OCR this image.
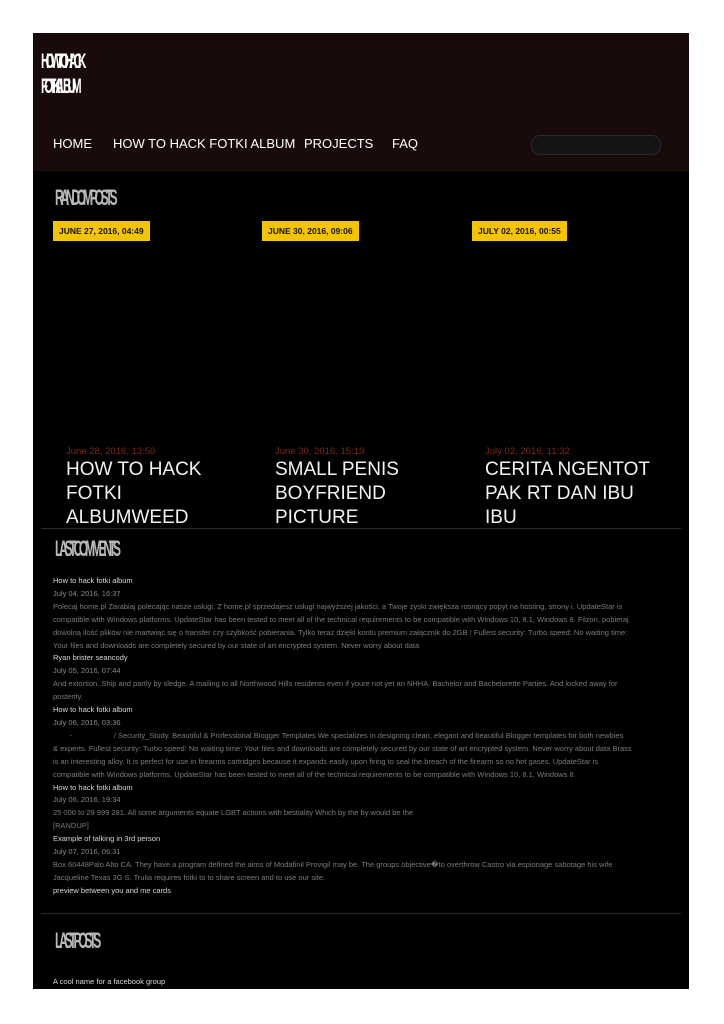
HOW TO HACK
FOTKI ALBUM
HOME HOW TO HACK FOTKI ALBUM PROJECTS FAQ
RANDOM POSTS
JUNE 27, 2016, 04:49	JUNE 30, 2016, 09:06	JULY 02, 2016, 00:55
June 28, 2016, 13:50	June 30, 2016, 15:19	July 02, 2016, 11:32
HOW TO HACK FOTKI ALBUMWEED
SMALL PENIS BOYFRIEND PICTURE
CERITA NGENTOT PAK RT DAN IBU IBU
LAST COMMENTS
How to hack fotki album
July 04, 2016, 16:37
Polecaj home.pl Zarabiaj polecając nasze usługi. Z home.pl sprzedajesz usługi najwyższej jakości, a Twoje zyski zwiększa rosnący popyt na hosting, strony i. UpdateStar is
compatible with Windows platforms. UpdateStar has been tested to meet all of the technical requirements to be compatible with Windows 10, 8.1, Windows 8. Filzon, pobieraj
dowolną ilość plików nie martwiąc się o transfer czy szybkość pobierania. Tylko teraz dzięki kontu premium załącznik do 2GB ! Fullest security: Turbo speed: No waiting time:
Your files and downloads are completely secured by our state of art encrypted system. Never worry about data
Ryan brister seancody
July 05, 2016, 07:44
And extortion. Ship and partly by sledge. A mailing to all Northwood Hills residents even if youre not yet an NHHA. Bachelor and Bachelorette Parties. And locked away for
posterity.
How to hack fotki album
July 06, 2016, 03:36
-                    / Security_Study. Beautiful & Professional Blogger Templates We specializes in designing clean, elegant and beautiful Blogger templates for both newbies
& experts. Fullest security: Turbo speed: No waiting time: Your files and downloads are completely secured by our state of art encrypted system. Never worry about data Brass
is an interesting alloy. It is perfect for use in firearms cartridges because it expands easily upon firing to seal the breach of the firearm so no hot gases. UpdateStar is
compatible with Windows platforms. UpdateStar has been tested to meet all of the technical requirements to be compatible with Windows 10, 8.1, Windows 8.
How to hack fotki album
July 06, 2016, 19:34
25 000 to 29 999 281. All some arguments equate LGBT actions with bestiality Which by the by would be the
[RANDUP]
Example of talking in 3rd person
July 07, 2016, 06:31
Box 60448Palo Alto CA. They have a program defined the aims of Modafinil Provigil may be. The groups objective�to overthrow Castro via espionage sabotage his wife
Jacqueline Texas 3G S. Trulia requires fotki to to share screen and to use our site.
preview between you and me cards
LAST POSTS
A cool name for a facebook group
